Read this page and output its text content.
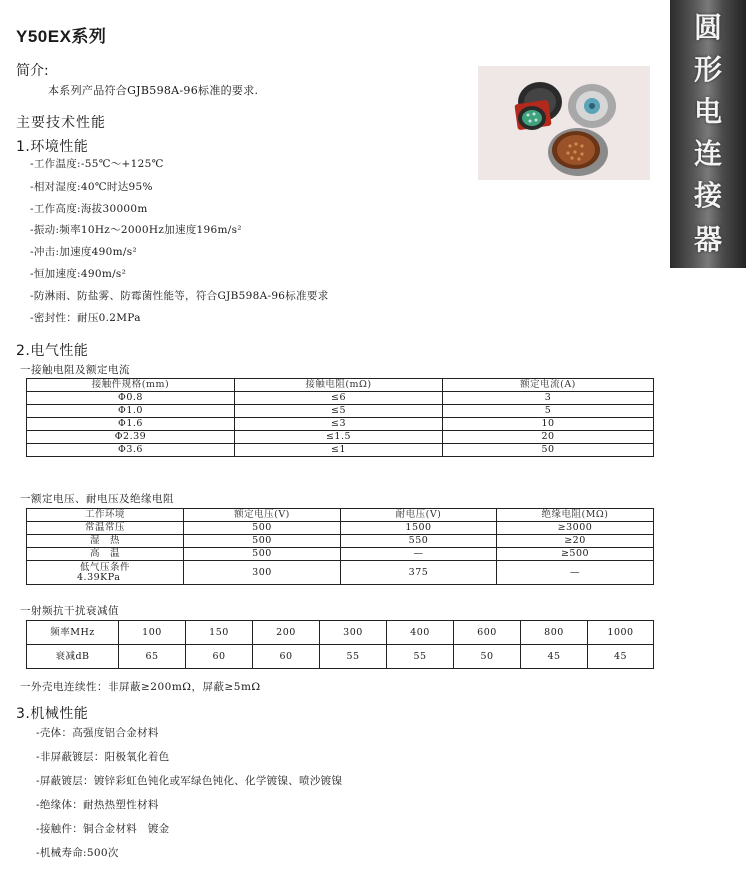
Y50EX系列	圆
形
电
连
接
器
简介:
本系列产品符合GJB598A-96标准的要求.
主要技术性能
1.环境性能
-工作温度:-55℃～+125℃
-相对湿度:40℃时达95%
-工作高度:海拔30000m
-振动:频率10Hz～2000Hz加速度196m/s²
-冲击:加速度490m/s²
-恒加速度:490m/s²
-防淋雨、防盐雾、防霉菌性能等，符合GJB598A-96标准要求
-密封性：耐压0.2MPa
2.电气性能
一接触电阻及额定电流
接触件规格(mm)	接触电阻(mΩ)	额定电流(A)
Φ0.8	≤6	3
Φ1.0	≤5	5
Φ1.6	≤3	10
Φ2.39	≤1.5	20
Φ3.6	≤1	50
一额定电压、耐电压及绝缘电阻
工作环境	额定电压(V)	耐电压(V)	绝缘电阻(MΩ)
常温常压	500	1500	≥3000
湿　热	500	550	≥20
高　温	500	—	≥500

低气压条件
4.39KPa	300	375	—
一射频抗干扰衰减值
频率MHz	100	150	200	300	400	600	800	1000
衰减dB	65	60	60	55	55	50	45	45
一外壳电连续性：非屏蔽≥200mΩ，屏蔽≥5mΩ
3.机械性能
-壳体：高强度铝合金材料
-非屏蔽镀层：阳极氧化着色
-屏蔽镀层：镀锌彩虹色钝化或军绿色钝化、化学镀镍、喷沙镀镍
-绝缘体：耐热热塑性材料
-接触件：铜合金材料　镀金
-机械寿命:500次
